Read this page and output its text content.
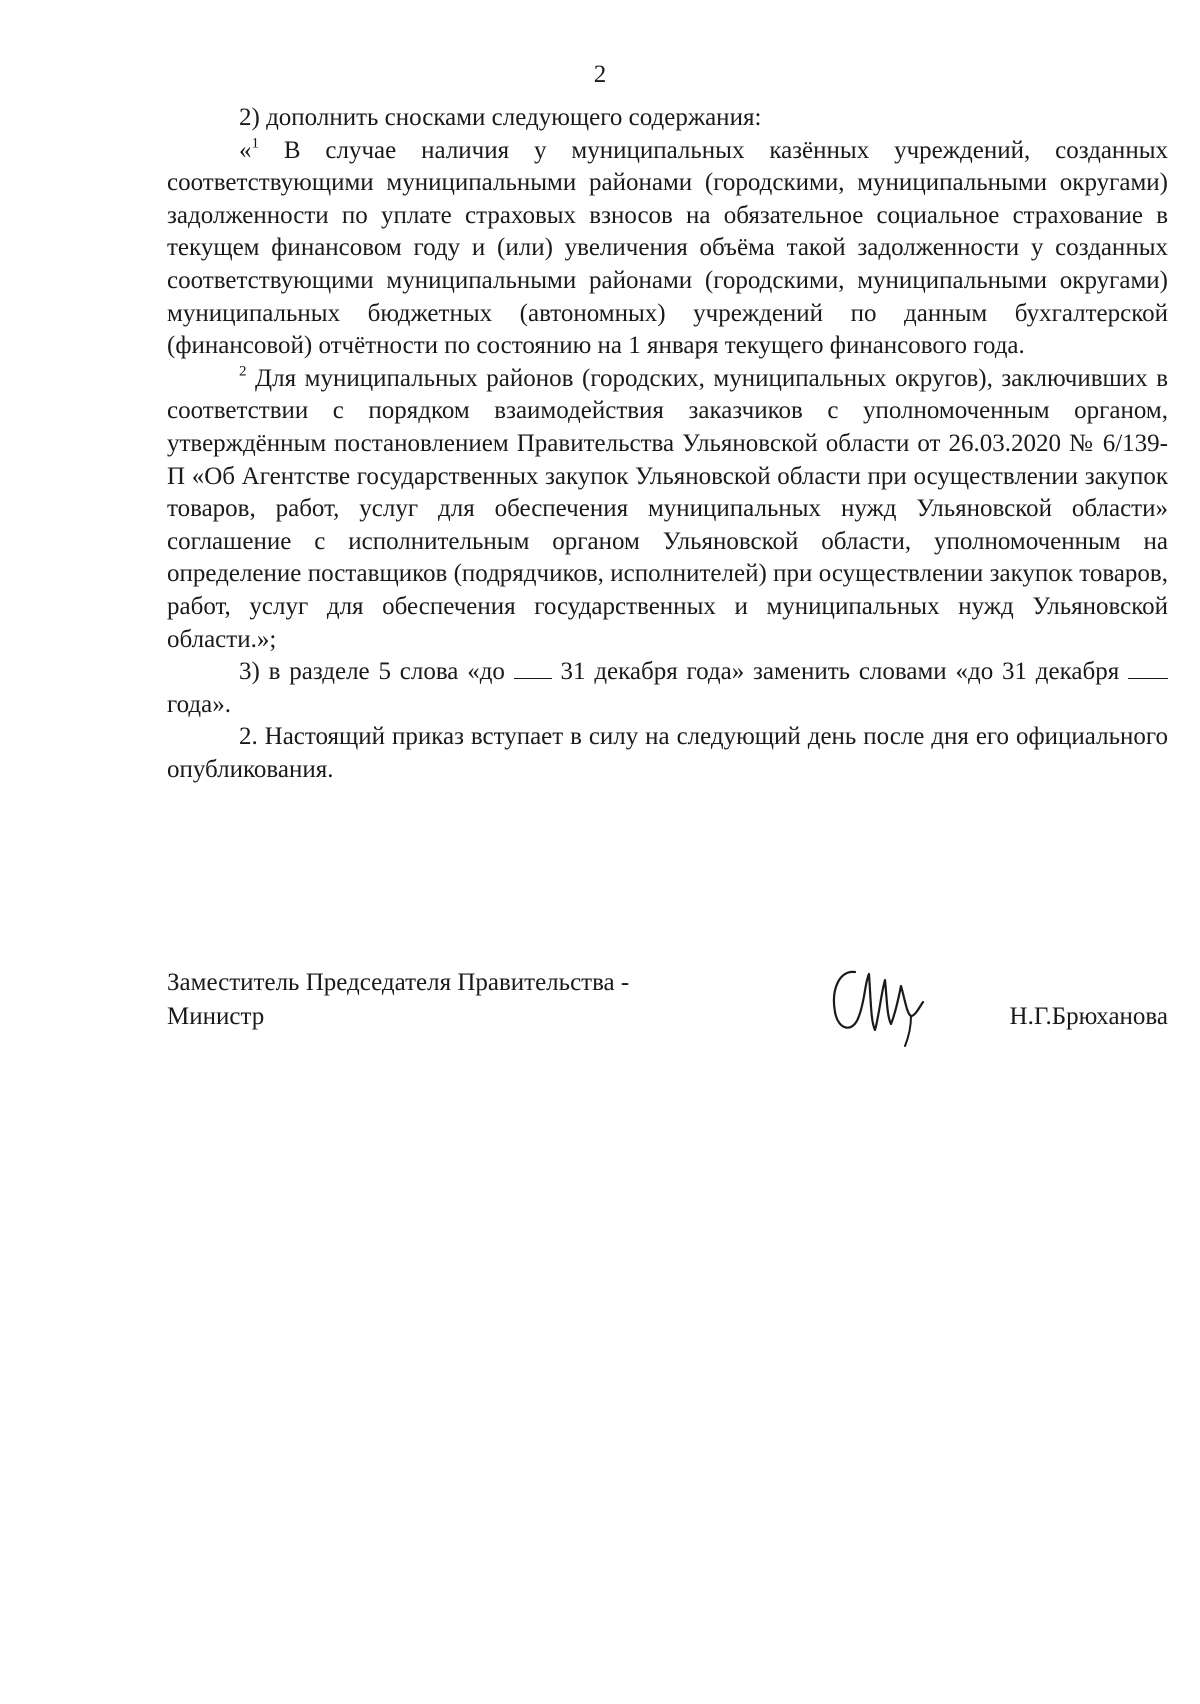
2

2) дополнить сносками следующего содержания:

«$^1$ В случае наличия у муниципальных казённых учреждений, созданных соответствующими муниципальными районами (городскими, муниципальными округами) задолженности по уплате страховых взносов на обязательное социальное страхование в текущем финансовом году и (или) увеличения объёма такой задолженности у созданных соответствующими муниципальными районами (городскими, муниципальными округами) муниципальных бюджетных (автономных) учреждений по данным бухгалтерской (финансовой) отчётности по состоянию на 1 января текущего финансового года.

$^2$ Для муниципальных районов (городских, муниципальных округов), заключивших в соответствии с порядком взаимодействия заказчиков с уполномоченным органом, утверждённым постановлением Правительства Ульяновской области от 26.03.2020 № 6/139-П «Об Агентстве государственных закупок Ульяновской области при осуществлении закупок товаров, работ, услуг для обеспечения муниципальных нужд Ульяновской области» соглашение с исполнительным органом Ульяновской области, уполномоченным на определение поставщиков (подрядчиков, исполнителей) при осуществлении закупок товаров, работ, услуг для обеспечения государственных и муниципальных нужд Ульяновской области.»;

3) в разделе 5 слова «до  31 декабря года» заменить словами «до 31 декабря  года».

2. Настоящий приказ вступает в силу на следующий день после дня его официального опубликования.

Заместитель Председателя Правительства -
Министр	Н.Г.Брюханова
